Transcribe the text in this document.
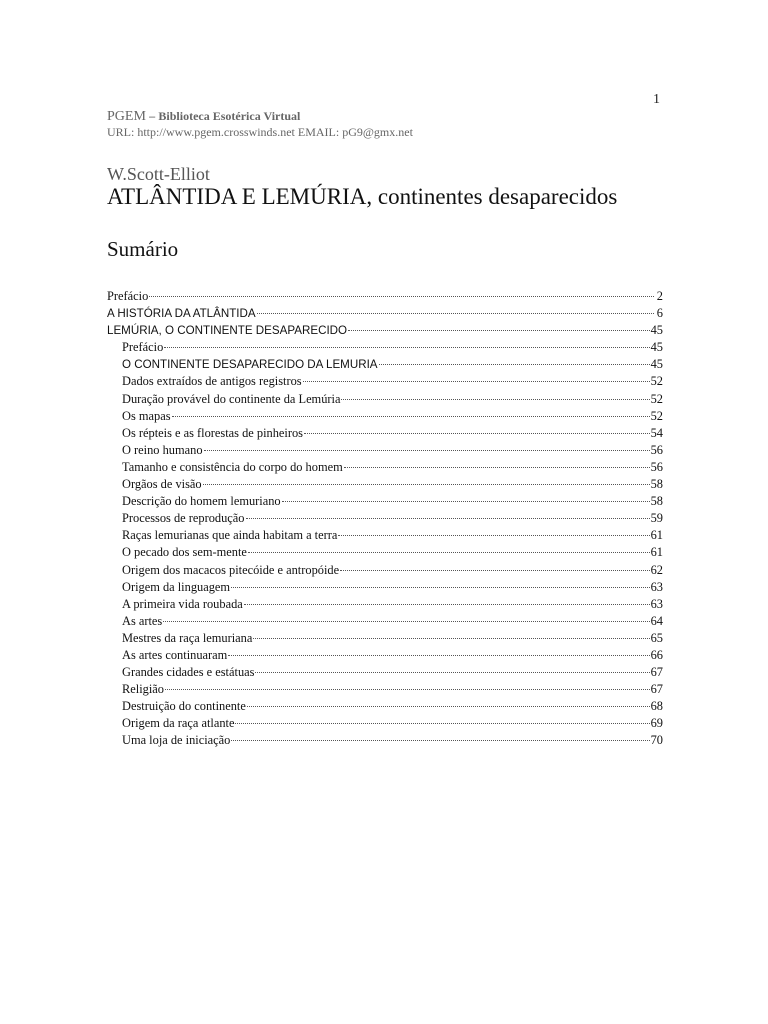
1
PGEM – Biblioteca Esotérica Virtual
URL: http://www.pgem.crosswinds.net EMAIL: pG9@gmx.net
W.Scott-Elliot
ATLÂNTIDA E LEMÚRIA, continentes desaparecidos
Sumário
Prefácio	2
A HISTÓRIA DA ATLÂNTIDA	6
LEMÚRIA, O CONTINENTE DESAPARECIDO	45
Prefácio	45
O CONTINENTE DESAPARECIDO DA LEMURIA	45
Dados extraídos de antigos registros	52
Duração provável do continente da Lemúria	52
Os mapas	52
Os répteis e as florestas de pinheiros	54
O reino humano	56
Tamanho e consistência do corpo do homem	56
Orgãos de visão	58
Descrição do homem lemuriano	58
Processos de reprodução	59
Raças lemurianas que ainda habitam a terra	61
O pecado dos sem-mente	61
Origem dos macacos pitecóide e antropóide	62
Origem da linguagem	63
A primeira vida roubada	63
As artes	64
Mestres da raça lemuriana	65
As artes continuaram	66
Grandes cidades e estátuas	67
Religião	67
Destruição do continente	68
Origem da raça atlante	69
Uma loja de iniciação	70
